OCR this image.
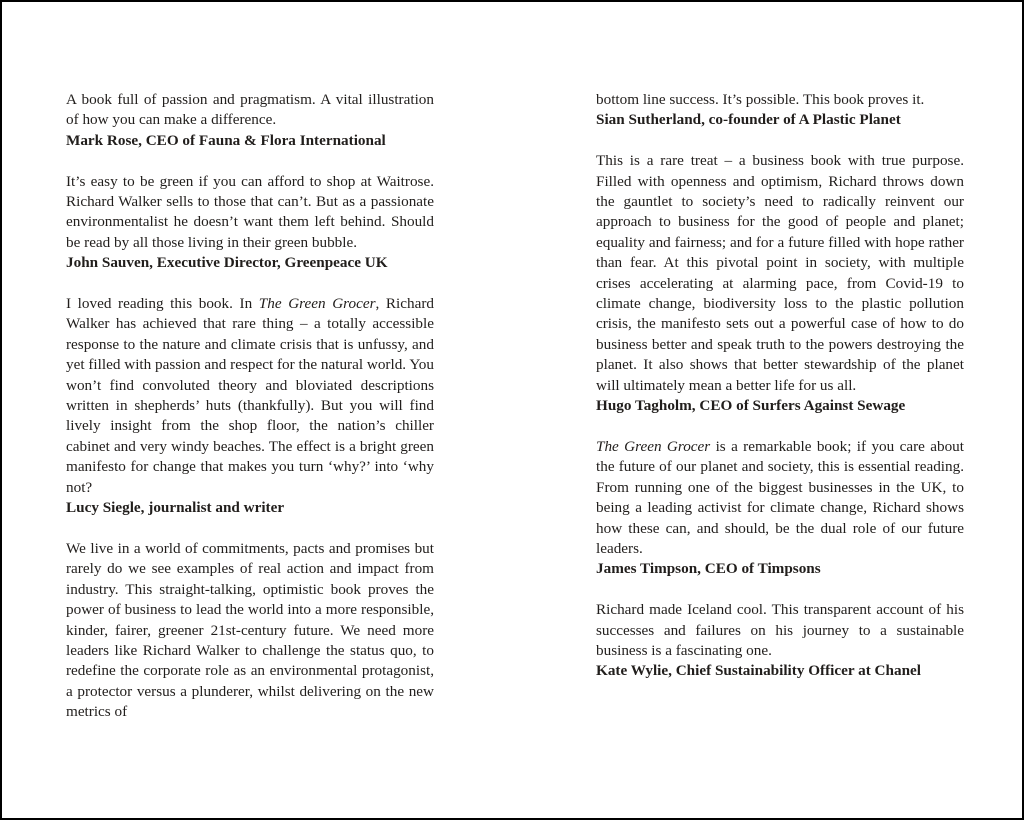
A book full of passion and pragmatism. A vital illustration of how you can make a difference.

Mark Rose, CEO of Fauna & Flora International

It’s easy to be green if you can afford to shop at Waitrose. Richard Walker sells to those that can’t. But as a passionate environmentalist he doesn’t want them left behind. Should be read by all those living in their green bubble.

John Sauven, Executive Director, Greenpeace UK

I loved reading this book. In The Green Grocer, Richard Walker has achieved that rare thing – a totally accessible response to the nature and climate crisis that is unfussy, and yet filled with passion and respect for the natural world. You won’t find convoluted theory and bloviated descriptions written in shepherds’ huts (thankfully). But you will find lively insight from the shop floor, the nation’s chiller cabinet and very windy beaches. The effect is a bright green manifesto for change that makes you turn ‘why?’ into ‘why not?

Lucy Siegle, journalist and writer

We live in a world of commitments, pacts and promises but rarely do we see examples of real action and impact from industry. This straight-talking, optimistic book proves the power of business to lead the world into a more responsible, kinder, fairer, greener 21st-century future. We need more leaders like Richard Walker to challenge the status quo, to redefine the corporate role as an environmental protagonist, a protector versus a plunderer, whilst delivering on the new metrics of

bottom line success. It’s possible. This book proves it.

Sian Sutherland, co-founder of A Plastic Planet

This is a rare treat – a business book with true purpose. Filled with openness and optimism, Richard throws down the gauntlet to society’s need to radically reinvent our approach to business for the good of people and planet; equality and fairness; and for a future filled with hope rather than fear. At this pivotal point in society, with multiple crises accelerating at alarming pace, from Covid-19 to climate change, biodiversity loss to the plastic pollution crisis, the manifesto sets out a powerful case of how to do business better and speak truth to the powers destroying the planet. It also shows that better stewardship of the planet will ultimately mean a better life for us all.

Hugo Tagholm, CEO of Surfers Against Sewage

The Green Grocer is a remarkable book; if you care about the future of our planet and society, this is essential reading. From running one of the biggest businesses in the UK, to being a leading activist for climate change, Richard shows how these can, and should, be the dual role of our future leaders.

James Timpson, CEO of Timpsons

Richard made Iceland cool. This transparent account of his successes and failures on his journey to a sustainable business is a fascinating one.

Kate Wylie, Chief Sustainability Officer at Chanel
